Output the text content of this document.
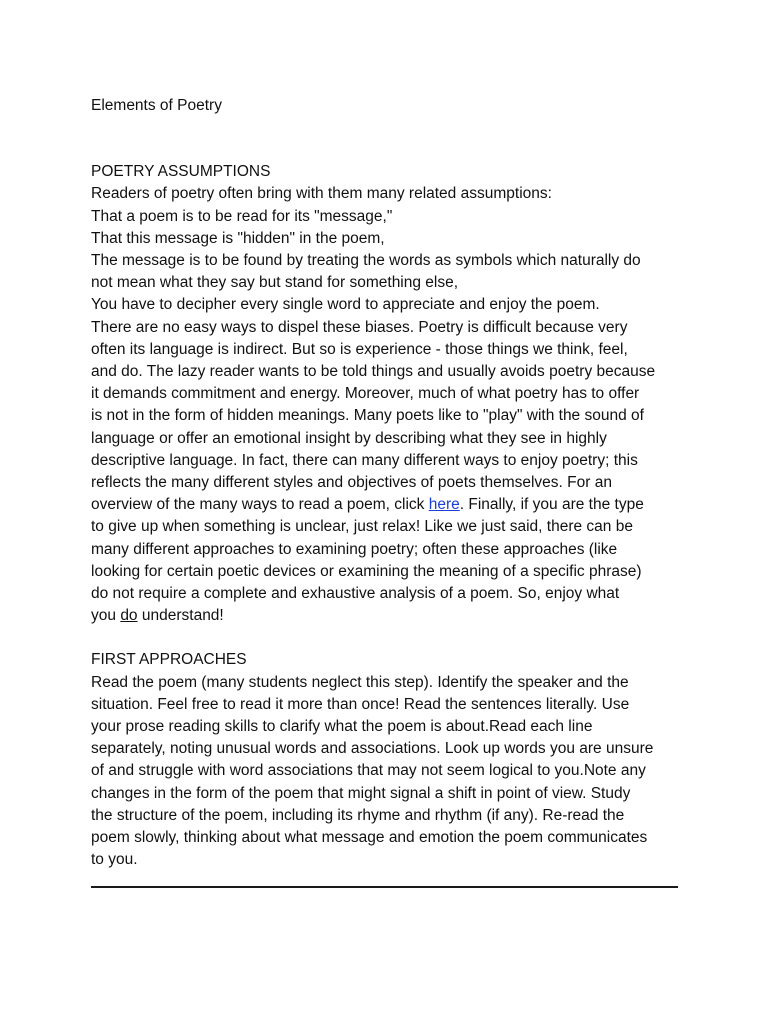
Elements of Poetry
POETRY ASSUMPTIONS
Readers of poetry often bring with them many related assumptions:
That a poem is to be read for its "message,"
That this message is "hidden" in the poem,
The message is to be found by treating the words as symbols which naturally do
not mean what they say but stand for something else,
You have to decipher every single word to appreciate and enjoy the poem.
There are no easy ways to dispel these biases. Poetry is difficult because very
often its language is indirect. But so is experience - those things we think, feel,
and do. The lazy reader wants to be told things and usually avoids poetry because
it demands commitment and energy. Moreover, much of what poetry has to offer
is not in the form of hidden meanings. Many poets like to "play" with the sound of
language or offer an emotional insight by describing what they see in highly
descriptive language. In fact, there can many different ways to enjoy poetry; this
reflects the many different styles and objectives of poets themselves. For an
overview of the many ways to read a poem, click here. Finally, if you are the type
to give up when something is unclear, just relax! Like we just said, there can be
many different approaches to examining poetry; often these approaches (like
looking for certain poetic devices or examining the meaning of a specific phrase)
do not require a complete and exhaustive analysis of a poem. So, enjoy what
you do understand!
FIRST APPROACHES
Read the poem (many students neglect this step). Identify the speaker and the
situation. Feel free to read it more than once! Read the sentences literally. Use
your prose reading skills to clarify what the poem is about.Read each line
separately, noting unusual words and associations. Look up words you are unsure
of and struggle with word associations that may not seem logical to you.Note any
changes in the form of the poem that might signal a shift in point of view. Study
the structure of the poem, including its rhyme and rhythm (if any). Re-read the
poem slowly, thinking about what message and emotion the poem communicates
to you.
